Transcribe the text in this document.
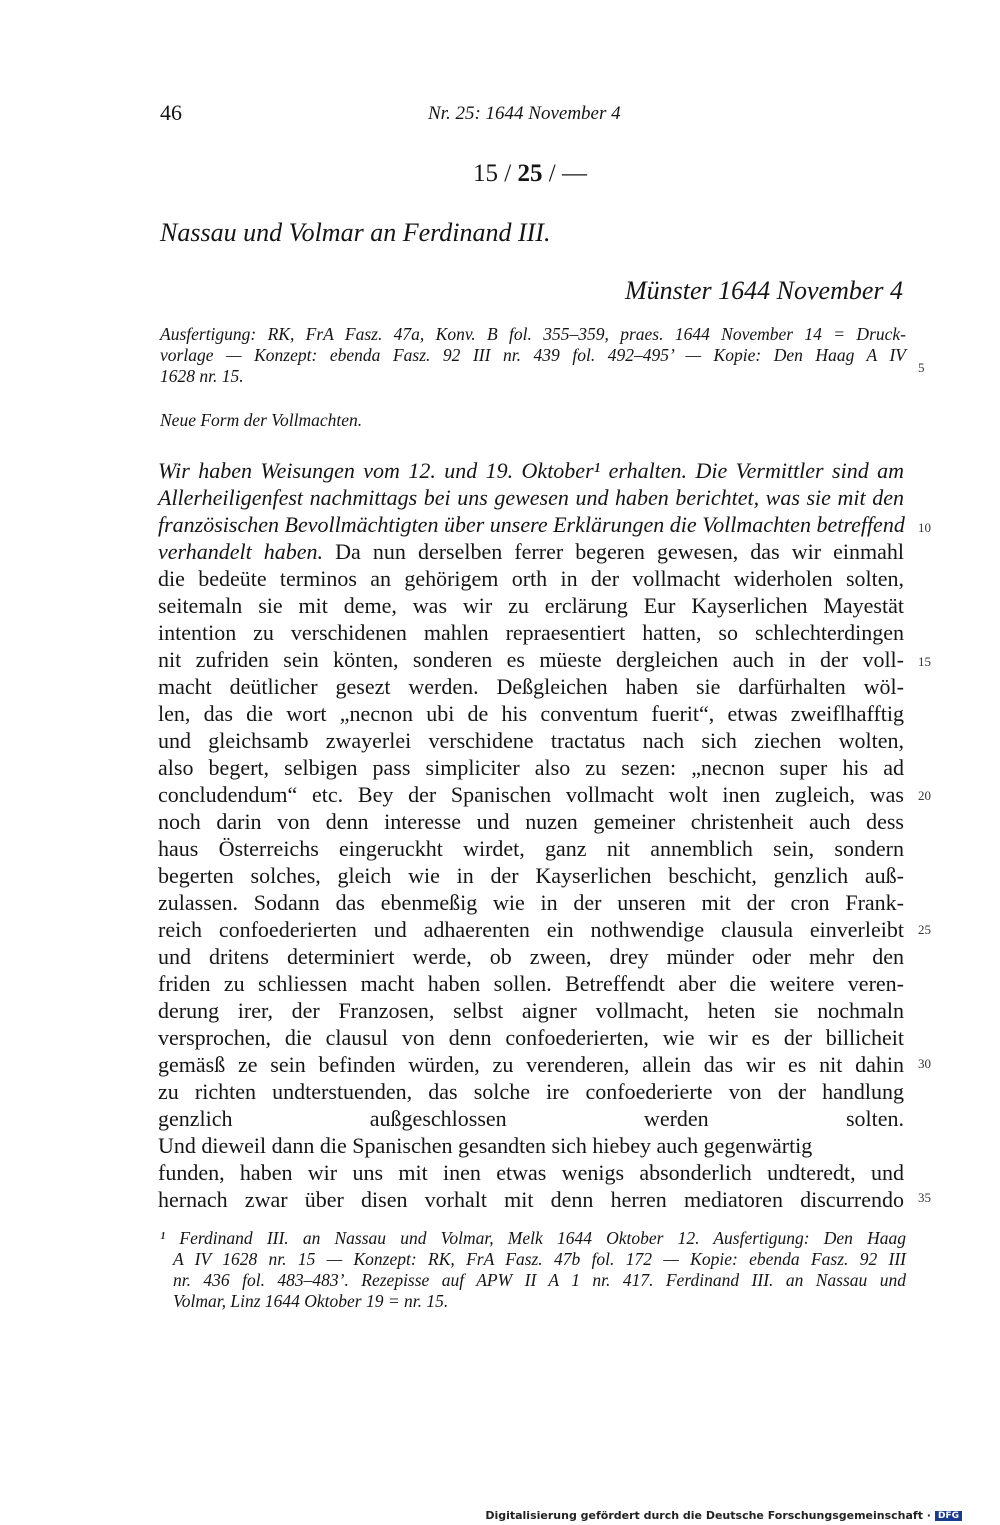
46	Nr. 25: 1644 November 4
15 / 25 / —
Nassau und Volmar an Ferdinand III.
Münster 1644 November 4
Ausfertigung: RK, FrA Fasz. 47a, Konv. B fol. 355–359, praes. 1644 November 14 = Druck-
vorlage — Konzept: ebenda Fasz. 92 III nr. 439 fol. 492–495’ — Kopie: Den Haag A IV
1628 nr. 15.	5
Neue Form der Vollmachten.
Wir haben Weisungen vom 12. und 19. Oktober¹ erhalten. Die Vermittler sind am
Allerheiligenfest nachmittags bei uns gewesen und haben berichtet, was sie mit den
französischen Bevollmächtigten über unsere Erklärungen die Vollmachten betreffend
verhandelt haben. Da nun derselben ferrer begeren gewesen, das wir einmahl
die bedeüte terminos an gehörigem orth in der vollmacht widerholen solten,
seitemaln sie mit deme, was wir zu erclärung Eur Kayserlichen Mayestät
intention zu verschidenen mahlen repraesentiert hatten, so schlechterdingen
nit zufriden sein könten, sonderen es müeste dergleichen auch in der voll-
macht deütlicher gesezt werden. Deßgleichen haben sie darfürhalten wöl-
len, das die wort „necnon ubi de his conventum fuerit“, etwas zweiflhafftig
und gleichsamb zwayerlei verschidene tractatus nach sich ziechen wolten,
also begert, selbigen pass simpliciter also zu sezen: „necnon super his ad
concludendum“ etc. Bey der Spanischen vollmacht wolt inen zugleich, was
noch darin von denn interesse und nuzen gemeiner christenheit auch dess
haus Österreichs eingeruckht wirdet, ganz nit annemblich sein, sondern
begerten solches, gleich wie in der Kayserlichen beschicht, genzlich auß-
zulassen. Sodann das ebenmeßig wie in der unseren mit der cron Frank-
reich confoederierten und adhaerenten ein nothwendige clausula einverleibt
und dritens determiniert werde, ob zween, drey münder oder mehr den
friden zu schliessen macht haben sollen. Betreffendt aber die weitere veren-
derung irer, der Franzosen, selbst aigner vollmacht, heten sie nochmaln
versprochen, die clausul von denn confoederierten, wie wir es der billicheit
gemäsß ze sein befinden würden, zu verenderen, allein das wir es nit dahin
zu richten undterstuenden, das solche ire confoederierte von der handlung
genzlich außgeschlossen werden solten.
Und dieweil dann die Spanischen gesandten sich hiebey auch gegenwärtig
funden, haben wir uns mit inen etwas wenigs absonderlich undteredt, und
hernach zwar über disen vorhalt mit denn herren mediatoren discurrendo
10
15
20
25
30
35
¹ Ferdinand III. an Nassau und Volmar, Melk 1644 Oktober 12. Ausfertigung: Den Haag
A IV 1628 nr. 15 — Konzept: RK, FrA Fasz. 47b fol. 172 — Kopie: ebenda Fasz. 92 III
nr. 436 fol. 483–483’. Rezepisse auf APW II A 1 nr. 417. Ferdinand III. an Nassau und
Volmar, Linz 1644 Oktober 19 = nr. 15.
Digitalisierung gefördert durch die Deutsche Forschungsgemeinschaft · DFG
